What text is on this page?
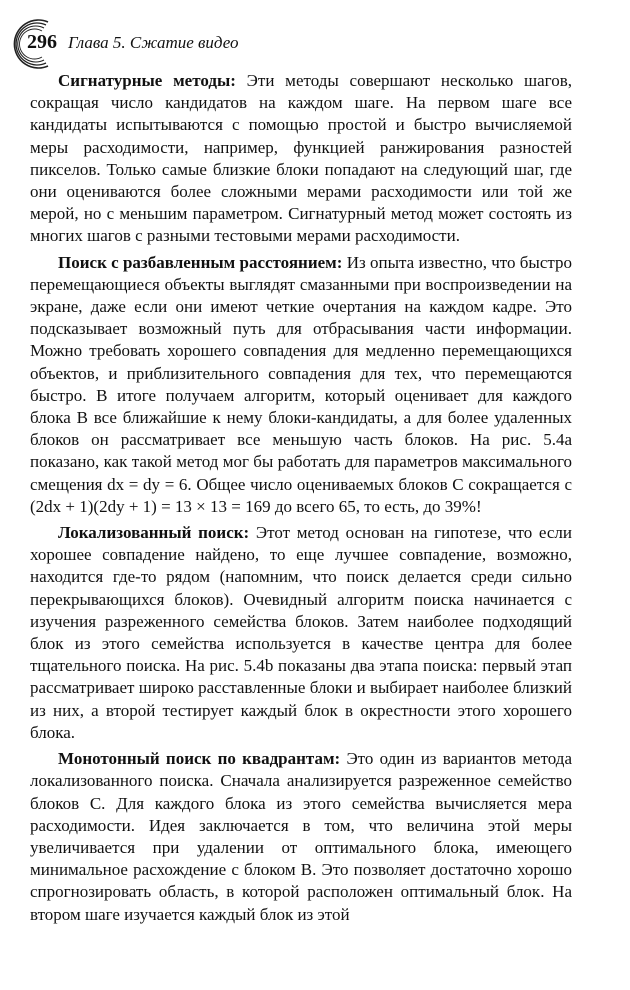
296 Глава 5. Сжатие видео

Сигнатурные методы: Эти методы совершают несколько шагов, сокращая число кандидатов на каждом шаге. На первом шаге все кандидаты испытываются с помощью простой и быстро вычисляемой меры расходимости, например, функцией ранжирования разностей пикселов. Только самые близкие блоки попадают на следующий шаг, где они оцениваются более сложными мерами расходимости или той же мерой, но с меньшим параметром. Сигнатурный метод может состоять из многих шагов с разными тестовыми мерами расходимости.

Поиск с разбавленным расстоянием: Из опыта известно, что быстро перемещающиеся объекты выглядят смазанными при воспроизведении на экране, даже если они имеют четкие очертания на каждом кадре. Это подсказывает возможный путь для отбрасывания части информации. Можно требовать хорошего совпадения для медленно перемещающихся объектов, и приблизительного совпадения для тех, что перемещаются быстро. В итоге получаем алгоритм, который оценивает для каждого блока B все ближайшие к нему блоки-кандидаты, а для более удаленных блоков он рассматривает все меньшую часть блоков. На рис. 5.4a показано, как такой метод мог бы работать для параметров максимального смещения dx = dy = 6. Общее число оцениваемых блоков C сокращается с (2dx + 1)(2dy + 1) = 13 × 13 = 169 до всего 65, то есть, до 39%!

Локализованный поиск: Этот метод основан на гипотезе, что если хорошее совпадение найдено, то еще лучшее совпадение, возможно, находится где-то рядом (напомним, что поиск делается среди сильно перекрывающихся блоков). Очевидный алгоритм поиска начинается с изучения разреженного семейства блоков. Затем наиболее подходящий блок из этого семейства используется в качестве центра для более тщательного поиска. На рис. 5.4b показаны два этапа поиска: первый этап рассматривает широко расставленные блоки и выбирает наиболее близкий из них, а второй тестирует каждый блок в окрестности этого хорошего блока.

Монотонный поиск по квадрантам: Это один из вариантов метода локализованного поиска. Сначала анализируется разреженное семейство блоков C. Для каждого блока из этого семейства вычисляется мера расходимости. Идея заключается в том, что величина этой меры увеличивается при удалении от оптимального блока, имеющего минимальное расхождение с блоком B. Это позволяет достаточно хорошо спрогнозировать область, в которой расположен оптимальный блок. На втором шаге изучается каждый блок из этой
